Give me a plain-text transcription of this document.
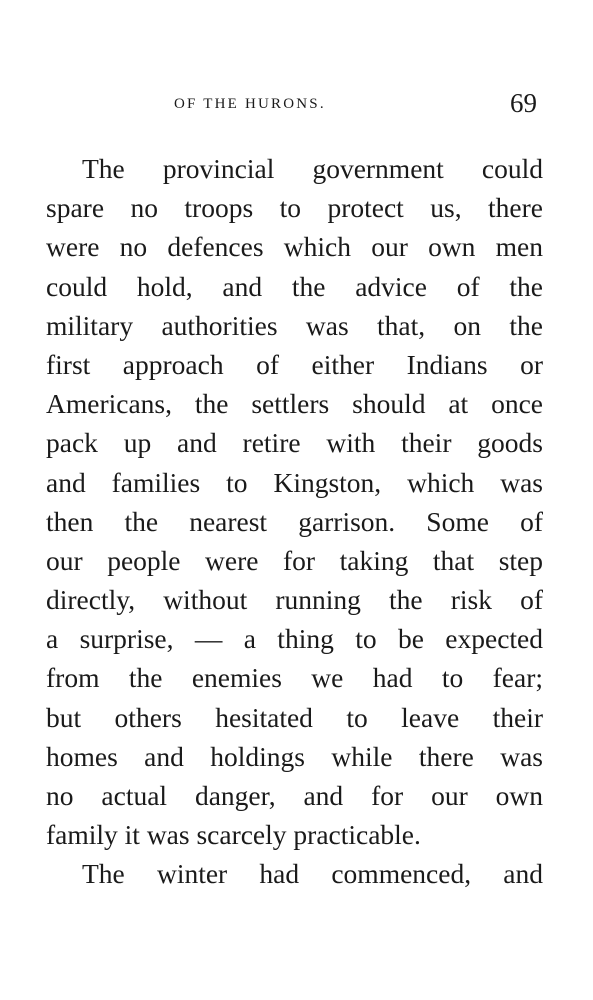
OF THE HURONS.	69
The provincial government could
spare no troops to protect us, there
were no defences which our own men
could hold, and the advice of the
military authorities was that, on the
first approach of either Indians or
Americans, the settlers should at once
pack up and retire with their goods
and families to Kingston, which was
then the nearest garrison. Some of
our people were for taking that step
directly, without running the risk of
a surprise, — a thing to be expected
from the enemies we had to fear;
but others hesitated to leave their
homes and holdings while there was
no actual danger, and for our own
family it was scarcely practicable.
The winter had commenced, and
